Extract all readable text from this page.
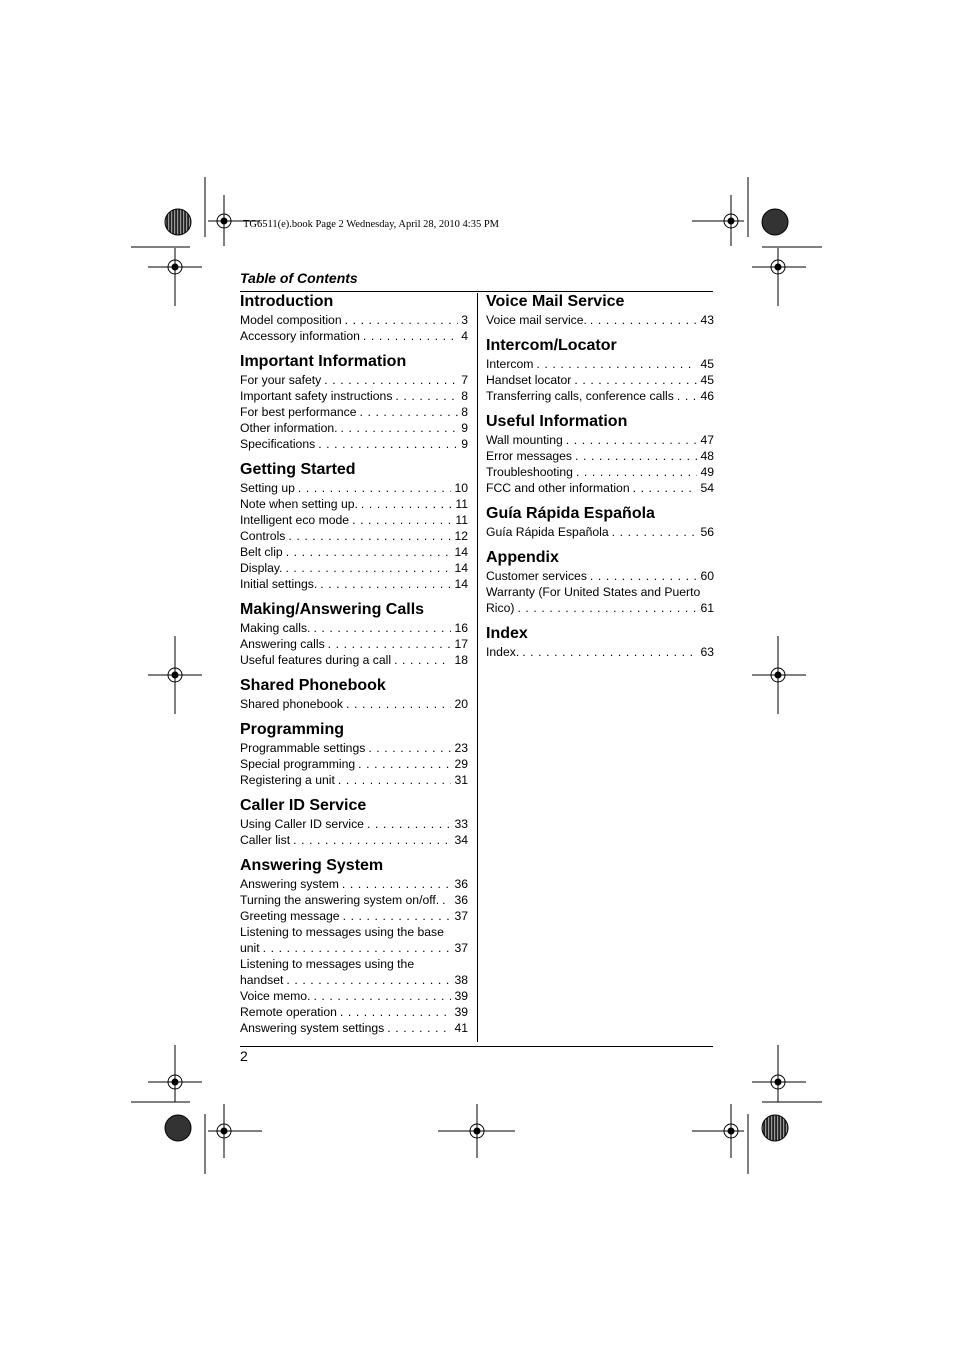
TG6511(e).book Page 2 Wednesday, April 28, 2010 4:35 PM
Table of Contents
Introduction
Model composition . . .	3
Accessory information . . .	4
Important Information
For your safety . . .	7
Important safety instructions . . .	8
For best performance . . .	8
Other information. . . .	9
Specifications . . .	9
Getting Started
Setting up . . .	10
Note when setting up. . . .	11
Intelligent eco mode . . .	11
Controls . . .	12
Belt clip . . .	14
Display. . . .	14
Initial settings. . . .	14
Making/Answering Calls
Making calls. . . .	16
Answering calls . . .	17
Useful features during a call . . .	18
Shared Phonebook
Shared phonebook . . .	20
Programming
Programmable settings . . .	23
Special programming . . .	29
Registering a unit . . .	31
Caller ID Service
Using Caller ID service . . .	33
Caller list . . .	34
Answering System
Answering system . . .	36
Turning the answering system on/off. . . . 36
Greeting message . . .	37
Listening to messages using the base
unit . . .	37
Listening to messages using the
handset . . .	38
Voice memo. . . .	39
Remote operation . . .	39
Answering system settings . . .	41
Voice Mail Service
Voice mail service. . . .	43
Intercom/Locator
Intercom . . .	45
Handset locator . . .	45
Transferring calls, conference calls . . . 46
Useful Information
Wall mounting . . .	47
Error messages . . .	48
Troubleshooting . . .	49
FCC and other information . . .	54
Guía Rápida Española
Guía Rápida Española . . .	56
Appendix
Customer services . . .	60
Warranty (For United States and Puerto
Rico) . . .	61
Index
Index. . . .	63
2
